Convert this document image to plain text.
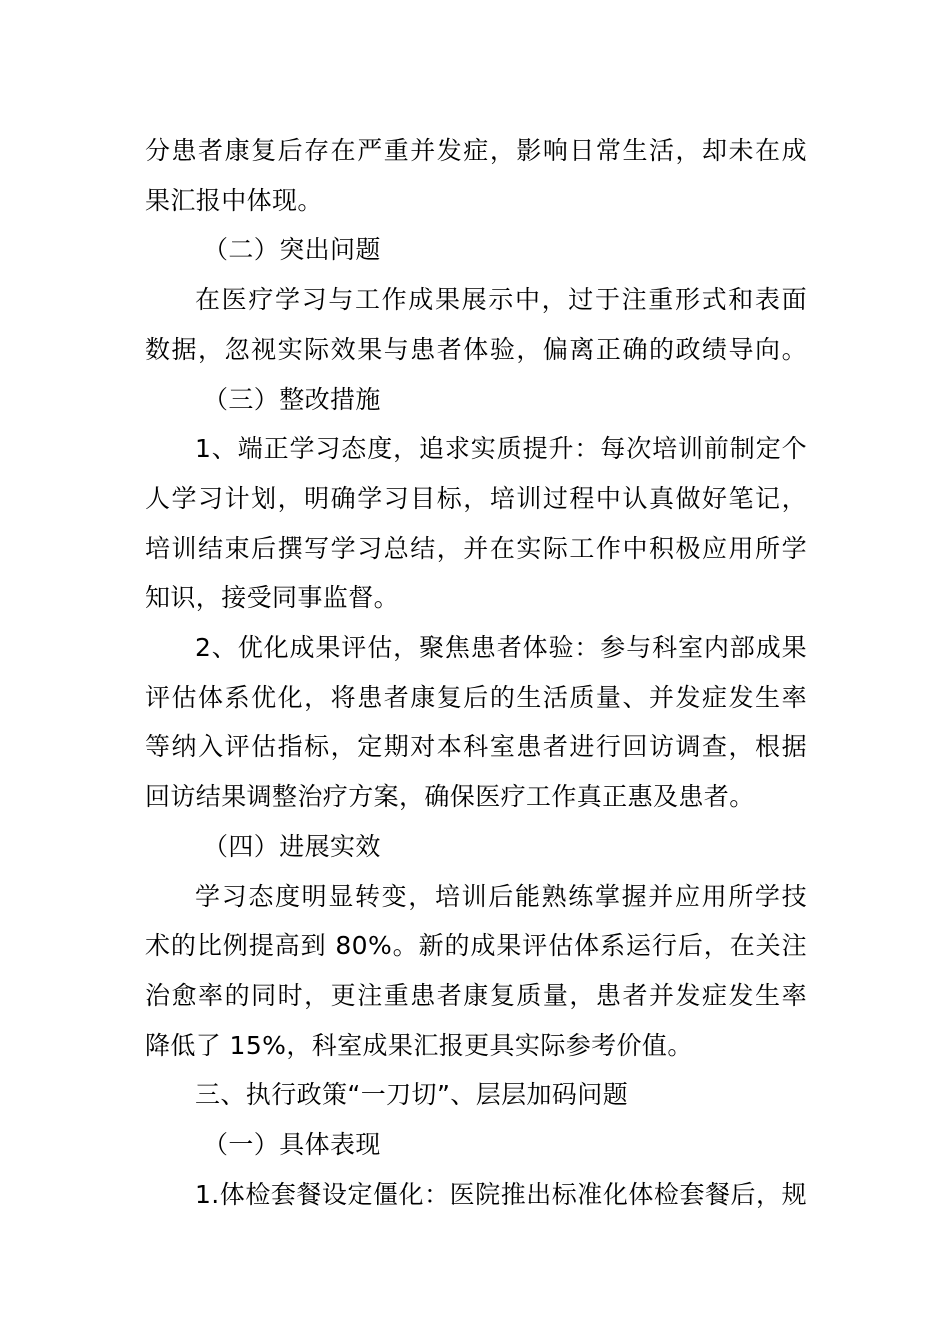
分患者康复后存在严重并发症，影响日常生活，却未在成
果汇报中体现。
（二）突出问题
在医疗学习与工作成果展示中，过于注重形式和表面
数据，忽视实际效果与患者体验，偏离正确的政绩导向。
（三）整改措施
1、端正学习态度，追求实质提升：每次培训前制定个
人学习计划，明确学习目标，培训过程中认真做好笔记，
培训结束后撰写学习总结，并在实际工作中积极应用所学
知识，接受同事监督。
2、优化成果评估，聚焦患者体验：参与科室内部成果
评估体系优化，将患者康复后的生活质量、并发症发生率
等纳入评估指标，定期对本科室患者进行回访调查，根据
回访结果调整治疗方案，确保医疗工作真正惠及患者。
（四）进展实效
学习态度明显转变，培训后能熟练掌握并应用所学技
术的比例提高到 80%。新的成果评估体系运行后，在关注
治愈率的同时，更注重患者康复质量，患者并发症发生率
降低了 15%，科室成果汇报更具实际参考价值。
三、执行政策“一刀切”、层层加码问题
（一）具体表现
1.体检套餐设定僵化：医院推出标准化体检套餐后，规
